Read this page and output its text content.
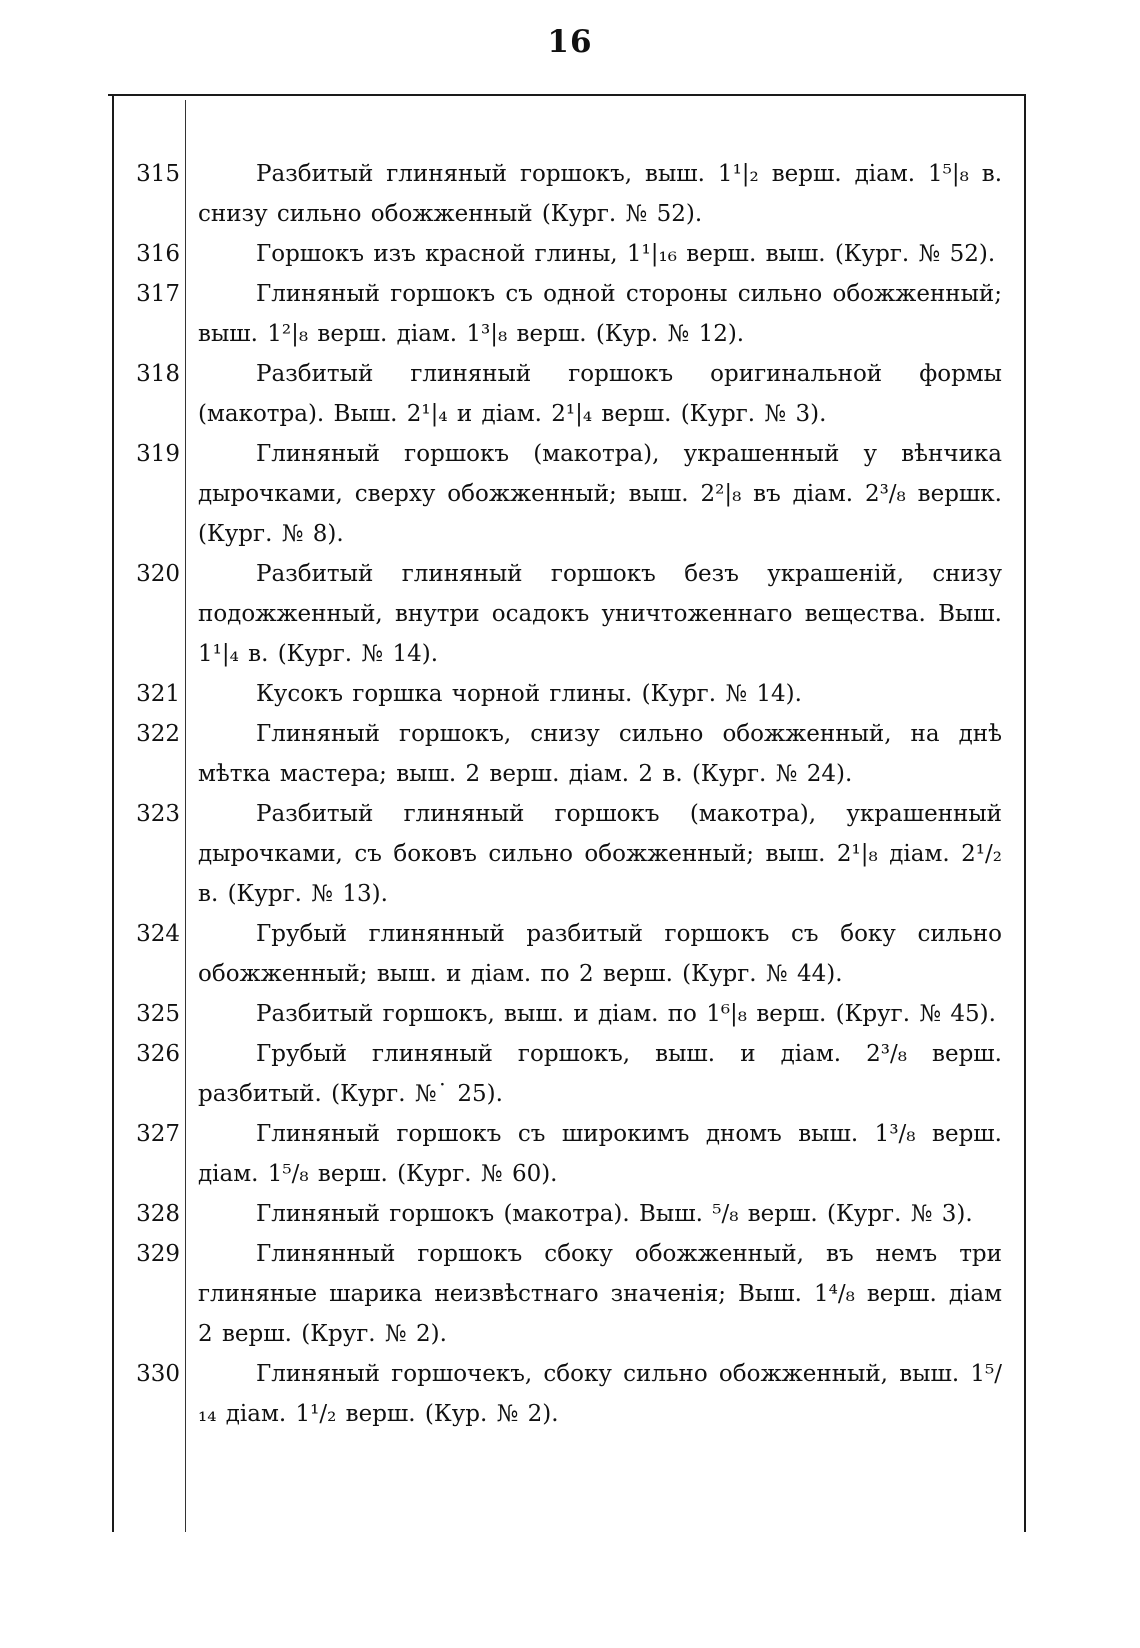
16
315	Разбитый глиняный горшокъ, выш. 1¹|₂ верш. діам. 1⁵|₈ в. снизу сильно обожженный (Кург. № 52).
316	Горшокъ изъ красной глины, 1¹|₁₆ верш. выш. (Кург. № 52).
317	Глиняный горшокъ съ одной стороны сильно обожженный; выш. 1²|₈ верш. діам. 1³|₈ верш. (Кур. № 12).
318	Разбитый глиняный горшокъ оригинальной формы (макотра). Выш. 2¹|₄ и діам. 2¹|₄ верш. (Кург. № 3).
319	Глиняный горшокъ (макотра), украшенный у вѣнчика дырочками, сверху обожженный; выш. 2²|₈ въ діам. 2³/₈ вершк. (Кург. № 8).
320	Разбитый глиняный горшокъ безъ украшеній, снизу подожженный, внутри осадокъ уничтоженнаго вещества. Выш. 1¹|₄ в. (Кург. № 14).
321	Кусокъ горшка чорной глины. (Кург. № 14).
322	Глиняный горшокъ, снизу сильно обожженный, на днѣ мѣтка мастера; выш. 2 верш. діам. 2 в. (Кург. № 24).
323	Разбитый глиняный горшокъ (макотра), украшенный дырочками, съ боковъ сильно обожженный; выш. 2¹|₈ діам. 2¹/₂ в. (Кург. № 13).
324	Грубый глинянный разбитый горшокъ съ боку сильно обожженный; выш. и діам. по 2 верш. (Кург. № 44).
325	Разбитый горшокъ, выш. и діам. по 1⁶|₈ верш. (Круг. № 45).
326	Грубый глиняный горшокъ, выш. и діам. 2³/₈ верш. разбитый. (Кург. №˙ 25).
327	Глиняный горшокъ съ широкимъ дномъ выш. 1³/₈ верш. діам. 1⁵/₈ верш. (Кург. № 60).
328	Глиняный горшокъ (макотра). Выш. ⁵/₈ верш. (Кург. № 3).
329	Глинянный горшокъ сбоку обожженный, въ немъ три глиняные шарика неизвѣстнаго значенія; Выш. 1⁴/₈ верш. діам 2 верш. (Круг. № 2).
330	Глиняный горшочекъ, сбоку сильно обожженный, выш. 1⁵/₁₄ діам. 1¹/₂ верш. (Кур. № 2).
